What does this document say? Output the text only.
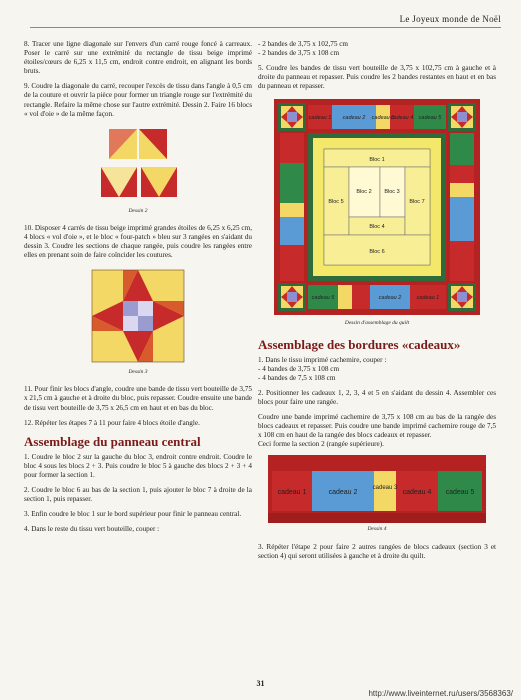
Le Joyeux monde de Noël

8. Tracer une ligne diagonale sur l'envers d'un carré rouge foncé à carreaux. Poser le carré sur une extrémité du rectangle de tissu beige imprimé étoiles/cœurs de 6,25 x 11,5 cm, endroit contre endroit, en alignant les bords bruts.

9. Coudre la diagonale du carré, recouper l'excès de tissu dans l'angle à 0,5 cm de la couture et ouvrir la pièce pour former un triangle rouge sur l'extrémité du rectangle. Refaire la même chose sur l'autre extrémité. Dessin 2. Faire 16 blocs « vol d'oie » de la même façon.

Dessin 2

10. Disposer 4 carrés de tissu beige imprimé grandes étoiles de 6,25 x 6,25 cm, 4 blocs « vol d'oie », et le bloc « four-patch » bleu sur 3 rangées en s'aidant du dessin 3. Coudre les sections de chaque rangée, puis coudre les rangées entre elles en prenant soin de faire coïncider les coutures.

Dessin 3

11. Pour finir les blocs d'angle, coudre une bande de tissu vert bouteille de 3,75 x 21,5 cm à gauche et à droite du bloc, puis repasser. Coudre ensuite une bande de tissu vert bouteille de 3,75 x 26,5 cm en haut et en bas du bloc.

12. Répéter les étapes 7 à 11 pour faire 4 blocs étoile d'angle.

Assemblage du panneau central

1. Coudre le bloc 2 sur la gauche du bloc 3, endroit contre endroit. Coudre le bloc 4 sous les blocs 2 + 3. Puis coudre le bloc 5 à gauche des blocs 2 + 3 + 4 pour former la section 1.

2. Coudre le bloc 6 au bas de la section 1, puis ajouter le bloc 7 à droite de la section 1, puis repasser.

3. Enfin coudre le bloc 1 sur le bord supérieur pour finir le panneau central.

4. Dans le reste du tissu vert bouteille, couper :

- 2 bandes de 3,75 x 102,75 cm
- 2 bandes de 3,75 x 108 cm

5. Coudre les bandes de tissu vert bouteille de 3,75 x 102,75 cm à gauche et à droite du panneau et repasser. Puis coudre les 2 bandes restantes en haut et en bas du panneau et repasser.

cadeau 1 cadeau 2 cadeau 3
cadeau 4 cadeau 5
cadeau 5	cadeau 2	cadeau 1
Bloc 1
Bloc 2 Bloc 3
Bloc 4
Bloc 5
Bloc 6
Bloc 7
Dessin d'assemblage du quilt
Assemblage des bordures «cadeaux»
1. Dans le tissu imprimé cachemire, couper :
- 4 bandes de 3,75 x 108 cm
- 4 bandes de 7,5 x 108 cm

2. Positionner les cadeaux 1, 2, 3, 4 et 5 en s'aidant du dessin 4. Assembler ces blocs pour faire une rangée.

Coudre une bande imprimé cachemire de 3,75 x 108 cm au bas de la rangée des blocs cadeaux et repasser. Puis coudre une bande imprimé cachemire rouge de 7,5 x 108 cm en haut de la rangée des blocs cadeaux et repasser.

Ceci forme la section 2 (rangée supérieure).

cadeau 1	cadeau 2
cadeau 3
cadeau 4 cadeau 5
Dessin 4

3. Répéter l'étape 2 pour faire 2 autres rangées de blocs cadeaux (section 3 et section 4) qui seront utilisées à gauche et à droite du quilt.

31
http://www.liveinternet.ru/users/3568363/
